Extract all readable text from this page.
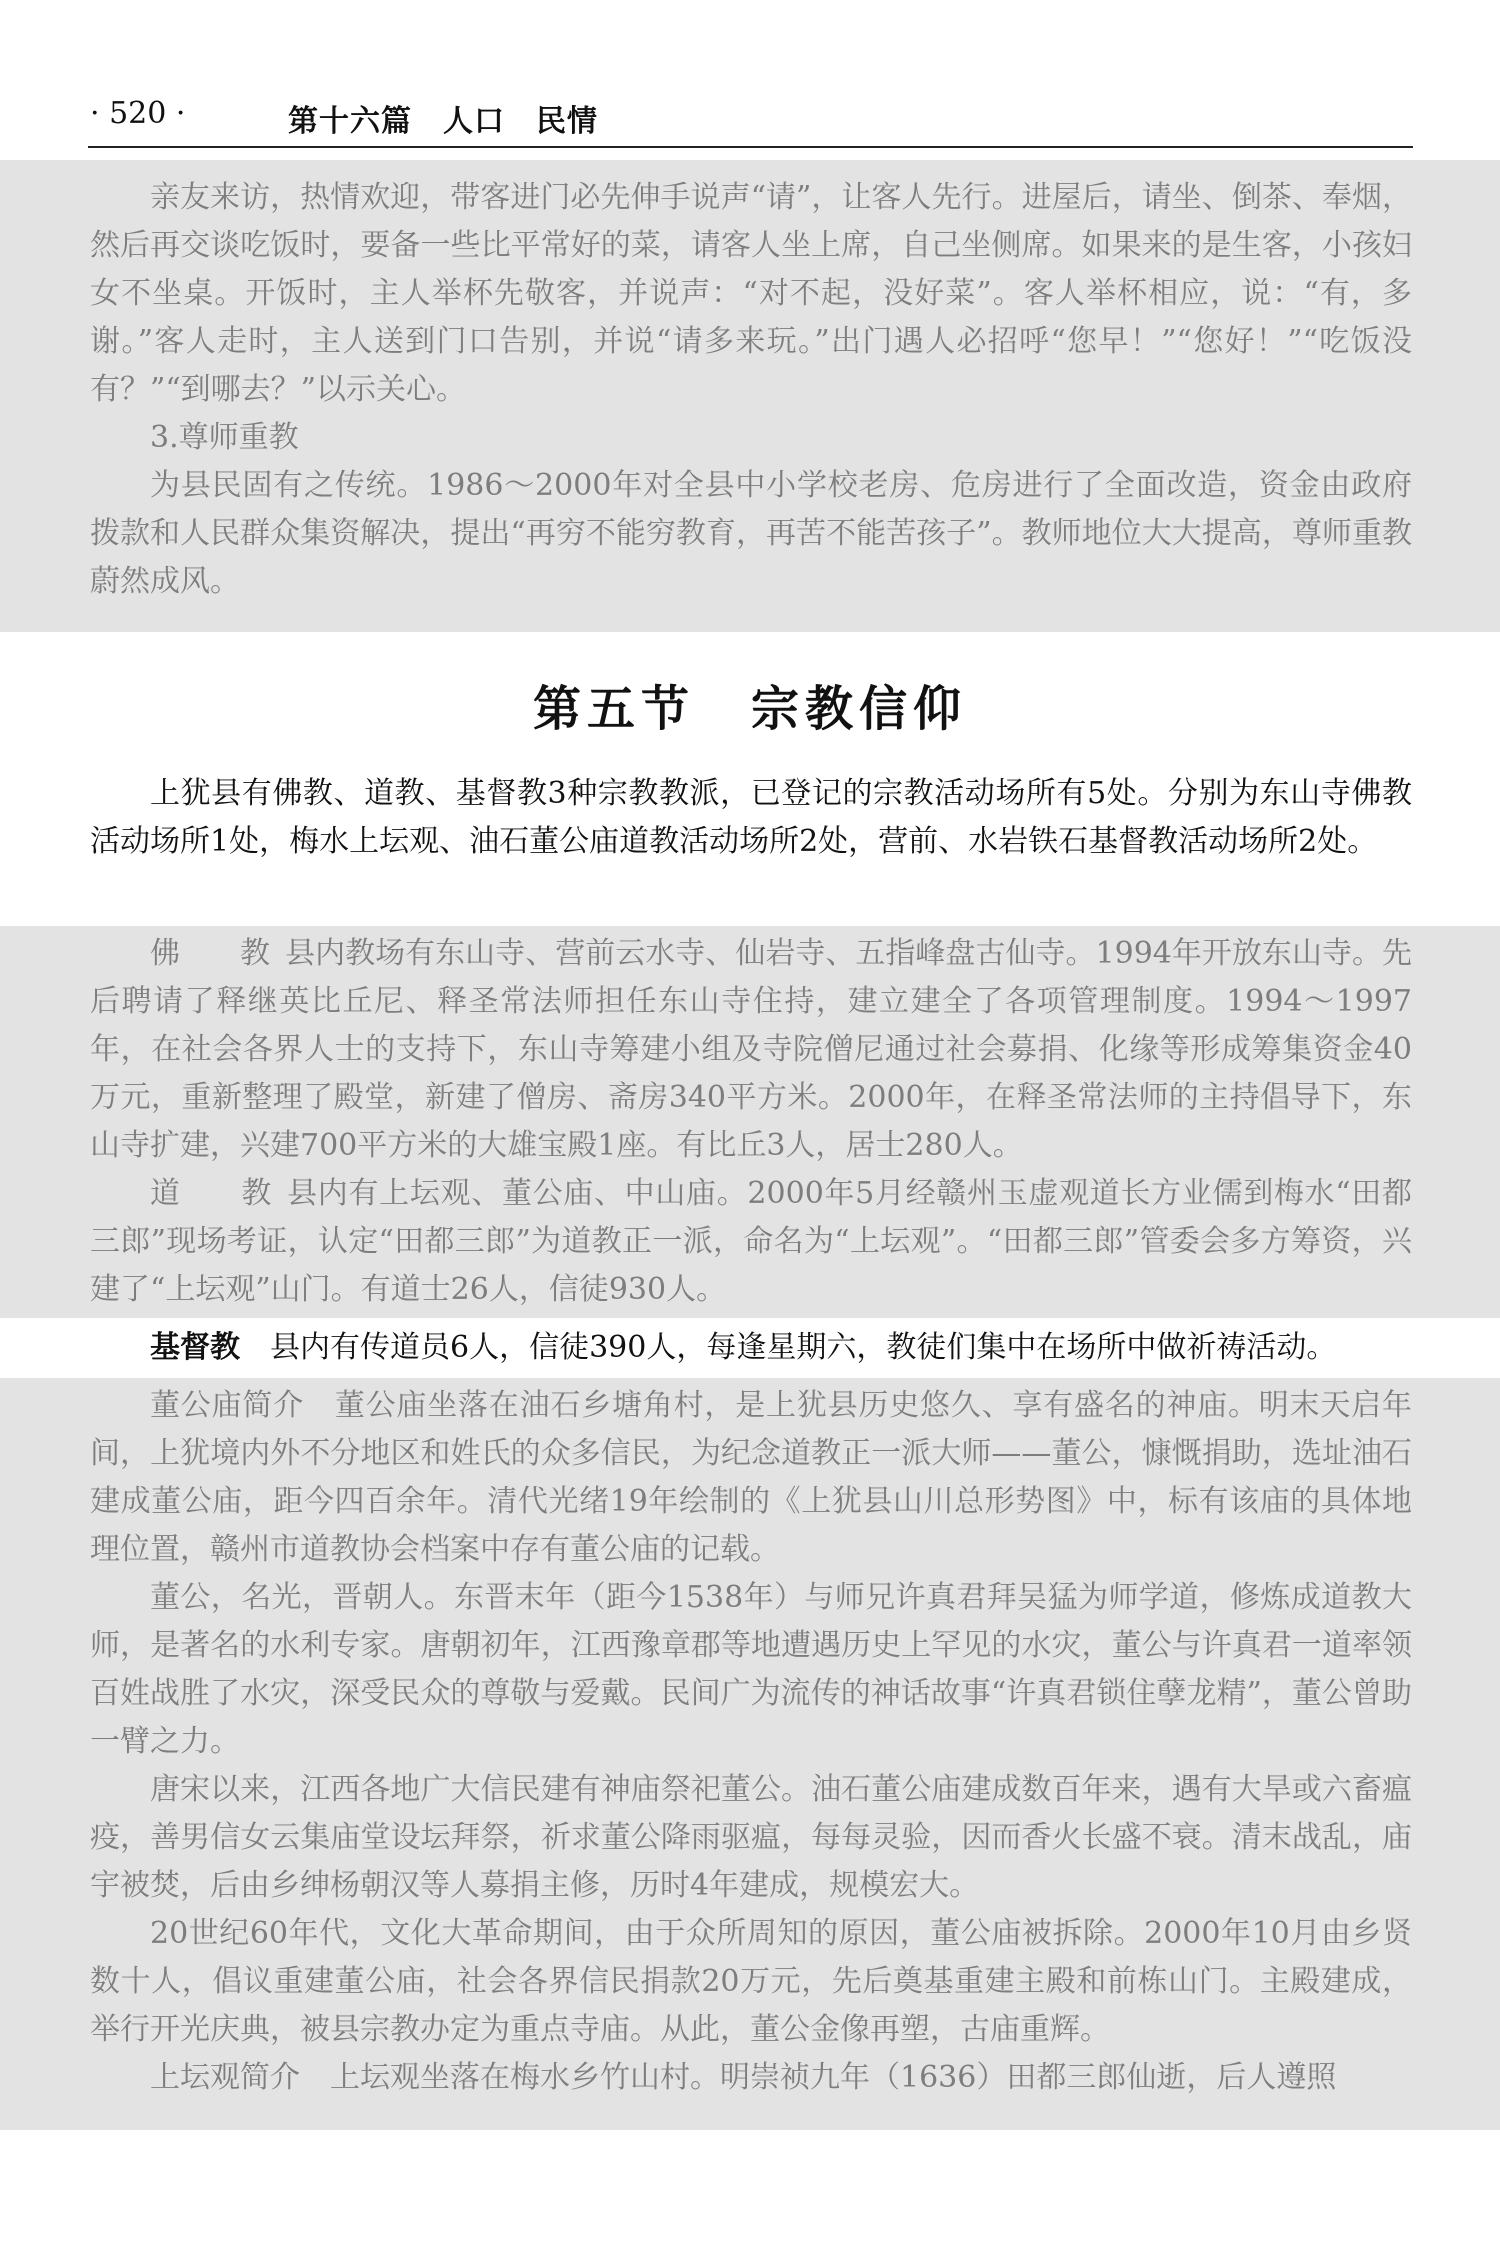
· 520 ·	第十六篇　人口　民情

亲友来访，热情欢迎，带客进门必先伸手说声“请”，让客人先行。进屋后，请坐、倒茶、奉烟，然后再交谈吃饭时，要备一些比平常好的菜，请客人坐上席，自己坐侧席。如果来的是生客，小孩妇女不坐桌。开饭时，主人举杯先敬客，并说声：“对不起，没好菜”。客人举杯相应，说：“有，多谢。”客人走时，主人送到门口告别，并说“请多来玩。”出门遇人必招呼“您早！”“您好！”“吃饭没有？”“到哪去？”以示关心。

3.尊师重教

为县民固有之传统。1986～2000年对全县中小学校老房、危房进行了全面改造，资金由政府拨款和人民群众集资解决，提出“再穷不能穷教育，再苦不能苦孩子”。教师地位大大提高，尊师重教蔚然成风。

第五节 宗教信仰

上犹县有佛教、道教、基督教3种宗教教派，已登记的宗教活动场所有5处。分别为东山寺佛教活动场所1处，梅水上坛观、油石董公庙道教活动场所2处，营前、水岩铁石基督教活动场所2处。

佛　教县内教场有东山寺、营前云水寺、仙岩寺、五指峰盘古仙寺。1994年开放东山寺。先后聘请了释继英比丘尼、释圣常法师担任东山寺住持，建立建全了各项管理制度。1994～1997年，在社会各界人士的支持下，东山寺筹建小组及寺院僧尼通过社会募捐、化缘等形成筹集资金40万元，重新整理了殿堂，新建了僧房、斋房340平方米。2000年，在释圣常法师的主持倡导下，东山寺扩建，兴建700平方米的大雄宝殿1座。有比丘3人，居士280人。

道　教县内有上坛观、董公庙、中山庙。2000年5月经赣州玉虚观道长方业儒到梅水“田都三郎”现场考证，认定“田都三郎”为道教正一派，命名为“上坛观”。“田都三郎”管委会多方筹资，兴建了“上坛观”山门。有道士26人，信徒930人。

基督教　 县内有传道员6人，信徒390人，每逢星期六，教徒们集中在场所中做祈祷活动。

董公庙简介　 董公庙坐落在油石乡塘角村，是上犹县历史悠久、享有盛名的神庙。明末天启年间，上犹境内外不分地区和姓氏的众多信民，为纪念道教正一派大师——董公，慷慨捐助，选址油石建成董公庙，距今四百余年。清代光绪19年绘制的《上犹县山川总形势图》中，标有该庙的具体地理位置，赣州市道教协会档案中存有董公庙的记载。

董公，名光，晋朝人。东晋末年（距今1538年）与师兄许真君拜吴猛为师学道，修炼成道教大师，是著名的水利专家。唐朝初年，江西豫章郡等地遭遇历史上罕见的水灾，董公与许真君一道率领百姓战胜了水灾，深受民众的尊敬与爱戴。民间广为流传的神话故事“许真君锁住孽龙精”，董公曾助一臂之力。

唐宋以来，江西各地广大信民建有神庙祭祀董公。油石董公庙建成数百年来，遇有大旱或六畜瘟疫，善男信女云集庙堂设坛拜祭，祈求董公降雨驱瘟，每每灵验，因而香火长盛不衰。清末战乱，庙宇被焚，后由乡绅杨朝汉等人募捐主修，历时4年建成，规模宏大。

20世纪60年代，文化大革命期间，由于众所周知的原因，董公庙被拆除。2000年10月由乡贤数十人，倡议重建董公庙，社会各界信民捐款20万元，先后奠基重建主殿和前栋山门。主殿建成，举行开光庆典，被县宗教办定为重点寺庙。从此，董公金像再塑，古庙重辉。

上坛观简介　 上坛观坐落在梅水乡竹山村。明崇祯九年（1636）田都三郎仙逝，后人遵照
